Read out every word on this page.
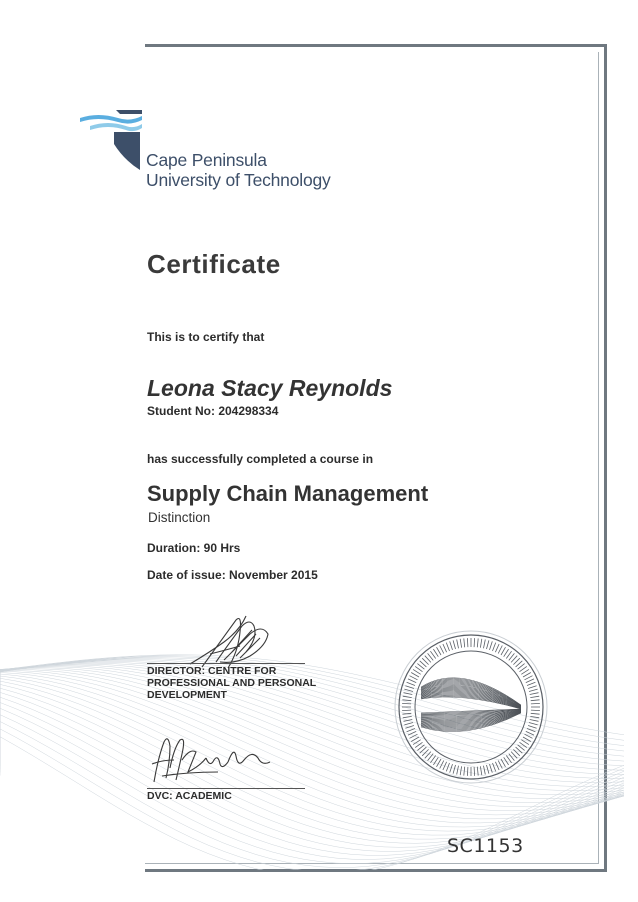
Cape Peninsula
University of Technology
Certificate
This is to certify that
Leona Stacy Reynolds
Student No: 204298334
has successfully completed a course in
Supply Chain Management
Distinction
Duration: 90 Hrs
Date of issue: November 2015
DIRECTOR: CENTRE FOR
PROFESSIONAL AND PERSONAL
DEVELOPMENT
DVC: ACADEMIC
SC1153
